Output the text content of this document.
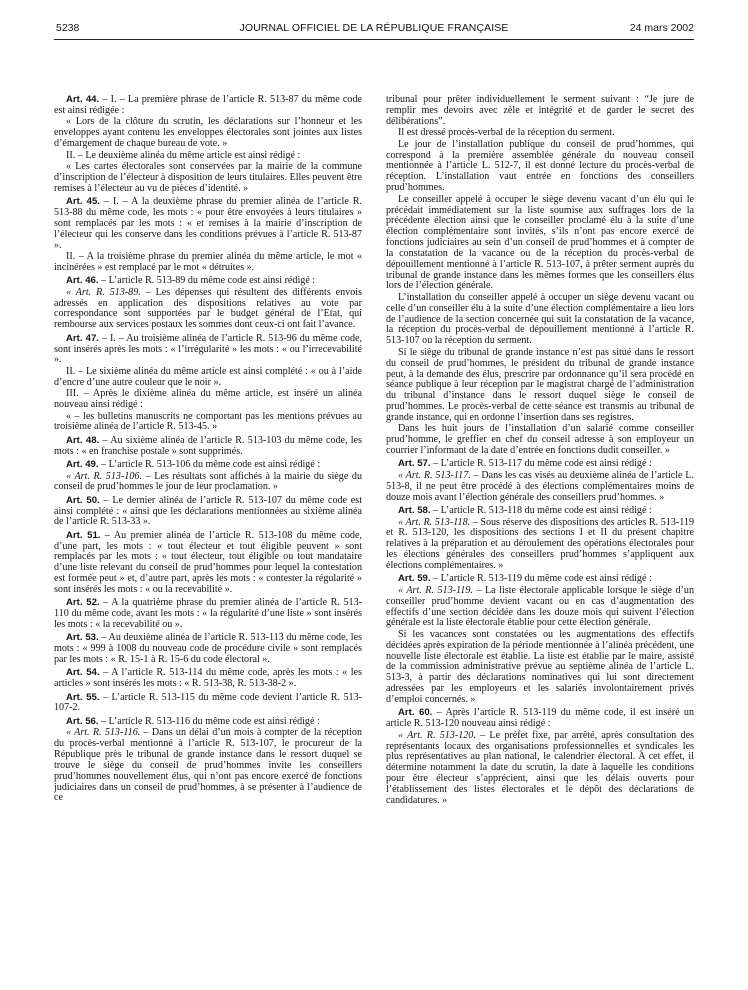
5238	JOURNAL OFFICIEL DE LA RÉPUBLIQUE FRANÇAISE	24 mars 2002

Art. 44. – I. – La première phrase de l’article R. 513-87 du même code est ainsi rédigée :

« Lors de la clôture du scrutin, les déclarations sur l’honneur et les enveloppes ayant contenu les enveloppes électorales sont jointes aux listes d’émargement de chaque bureau de vote. »

II. – Le deuxième alinéa du même article est ainsi rédigé :

« Les cartes électorales sont conservées par la mairie de la commune d’inscription de l’électeur à disposition de leurs titulaires. Elles peuvent être remises à l’électeur au vu de pièces d’identité. »

Art. 45. – I. – A la deuxième phrase du premier alinéa de l’article R. 513-88 du même code, les mots : « pour être envoyées à leurs titulaires » sont remplacés par les mots : « et remises à la mairie d’inscription de l’électeur qui les conserve dans les conditions prévues à l’article R. 513-87 ».

II. – A la troisième phrase du premier alinéa du même article, le mot « incinérées » est remplacé par le mot « détruites ».

Art. 46. – L’article R. 513-89 du même code est ainsi rédigé :

« Art. R. 513-89. – Les dépenses qui résultent des différents envois adressés en application des dispositions relatives au vote par correspondance sont supportées par le budget général de l’Etat, qui rembourse aux services postaux les sommes dont ceux-ci ont fait l’avance.

Art. 47. – I. – Au troisième alinéa de l’article R. 513-96 du même code, sont insérés après les mots : « l’irrégularité » les mots : « ou l’irrecevabilité ».

II. – Le sixième alinéa du même article est ainsi complété : « ou à l’aide d’encre d’une autre couleur que le noir ».

III. – Après le dixième alinéa du même article, est inséré un alinéa nouveau ainsi rédigé :

« – les bulletins manuscrits ne comportant pas les mentions prévues au troisième alinéa de l’article R. 513-45. »

Art. 48. – Au sixième alinéa de l’article R. 513-103 du même code, les mots : « en franchise postale » sont supprimés.

Art. 49. – L’article R. 513-106 du même code est ainsi rédigé :

« Art. R. 513-106. – Les résultats sont affichés à la mairie du siège du conseil de prud’hommes le jour de leur proclamation. »

Art. 50. – Le dernier alinéa de l’article R. 513-107 du même code est ainsi complété : « ainsi que les déclarations mentionnées au sixième alinéa de l’article R. 513-33 ».

Art. 51. – Au premier alinéa de l’article R. 513-108 du même code, d’une part, les mots : « tout électeur et tout éligible peuvent » sont remplacés par les mots : « tout électeur, tout éligible ou tout mandataire d’une liste relevant du conseil de prud’hommes pour lequel la contestation est formée peut » et, d’autre part, après les mots : « contester la régularité » sont insérés les mots : « ou la recevabilité ».

Art. 52. – A la quatrième phrase du premier alinéa de l’article R. 513-110 du même code, avant les mots : « la régularité d’une liste » sont insérés les mots : « la recevabilité ou ».

Art. 53. – Au deuxième alinéa de l’article R. 513-113 du même code, les mots : « 999 à 1008 du nouveau code de procédure civile » sont remplacés par les mots : « R. 15-1 à R. 15-6 du code électoral ».

Art. 54. – A l’article R. 513-114 du même code, après les mots : « les articles » sont insérés les mots : « R. 513-38, R. 513-38-2 ».

Art. 55. – L’article R. 513-115 du même code devient l’article R. 513-107-2.

Art. 56. – L’article R. 513-116 du même code est ainsi rédigé :

« Art. R. 513-116. – Dans un délai d’un mois à compter de la réception du procès-verbal mentionné à l’article R. 513-107, le procureur de la République près le tribunal de grande instance dans le ressort duquel se trouve le siège du conseil de prud’hommes invite les conseillers prud’hommes nouvellement élus, qui n’ont pas encore exercé de fonctions judiciaires dans un conseil de prud’hommes, à se présenter à l’audience de ce

tribunal pour prêter individuellement le serment suivant : “Je jure de remplir mes devoirs avec zèle et intégrité et de garder le secret des délibérations”.

Il est dressé procès-verbal de la réception du serment.

Le jour de l’installation publique du conseil de prud’hommes, qui correspond à la première assemblée générale du nouveau conseil mentionnée à l’article L. 512-7, il est donné lecture du procès-verbal de réception. L’installation vaut entrée en fonctions des conseillers prud’hommes.

Le conseiller appelé à occuper le siège devenu vacant d’un élu qui le précédait immédiatement sur la liste soumise aux suffrages lors de la précédente élection ainsi que le conseiller proclamé élu à la suite d’une élection complémentaire sont invités, s’ils n’ont pas encore exercé de fonctions judiciaires au sein d’un conseil de prud’hommes et à compter de la constatation de la vacance ou de la réception du procès-verbal de dépouillement mentionné à l’article R. 513-107, à prêter serment auprès du tribunal de grande instance dans les mêmes formes que les conseillers élus lors de l’élection générale.

L’installation du conseiller appelé à occuper un siège devenu vacant ou celle d’un conseiller élu à la suite d’une élection complémentaire a lieu lors de l’audience de la section concernée qui suit la constatation de la vacance, la réception du procès-verbal de dépouillement mentionné à l’article R. 513-107 ou la réception du serment.

Si le siège du tribunal de grande instance n’est pas situé dans le ressort du conseil de prud’hommes, le président du tribunal de grande instance peut, à la demande des élus, prescrire par ordonnance qu’il sera procédé en séance publique à leur réception par le magistrat chargé de l’administration du tribunal d’instance dans le ressort duquel siège le conseil de prud’hommes. Le procès-verbal de cette séance est transmis au tribunal de grande instance, qui en ordonne l’insertion dans ses registres.

Dans les huit jours de l’installation d’un salarié comme conseiller prud’homme, le greffier en chef du conseil adresse à son employeur un courrier l’informant de la date d’entrée en fonctions dudit conseiller. »

Art. 57. – L’article R. 513-117 du même code est ainsi rédigé :

« Art. R. 513-117. – Dans les cas visés au deuxième alinéa de l’article L. 513-8, il ne peut être procédé à des élections complémentaires moins de douze mois avant l’élection générale des conseillers prud’hommes. »

Art. 58. – L’article R. 513-118 du même code est ainsi rédigé :

« Art. R. 513-118. – Sous réserve des dispositions des articles R. 513-119 et R. 513-120, les dispositions des sections I et II du présent chapitre relatives à la préparation et au déroulement des opérations électorales pour les élections générales des conseillers prud’hommes s’appliquent aux élections complémentaires. »

Art. 59. – L’article R. 513-119 du même code est ainsi rédigé :

« Art. R. 513-119. – La liste électorale applicable lorsque le siège d’un conseiller prud’homme devient vacant ou en cas d’augmentation des effectifs d’une section décidée dans les douze mois qui suivent l’élection générale est la liste électorale établie pour cette élection générale.

Si les vacances sont constatées ou les augmentations des effectifs décidées après expiration de la période mentionnée à l’alinéa précédent, une nouvelle liste électorale est établie. La liste est établie par le maire, assisté de la commission administrative prévue au septième alinéa de l’article L. 513-3, à partir des déclarations nominatives qui lui sont directement adressées par les employeurs et les salariés involontairement privés d’emploi concernés. »

Art. 60. – Après l’article R. 513-119 du même code, il est inséré un article R. 513-120 nouveau ainsi rédigé :

« Art. R. 513-120. – Le préfet fixe, par arrêté, après consultation des représentants locaux des organisations professionnelles et syndicales les plus représentatives au plan national, le calendrier électoral. A cet effet, il détermine notamment la date du scrutin, la date à laquelle les conditions pour être électeur s’apprécient, ainsi que les délais ouverts pour l’établissement des listes électorales et le dépôt des déclarations de candidatures. »
